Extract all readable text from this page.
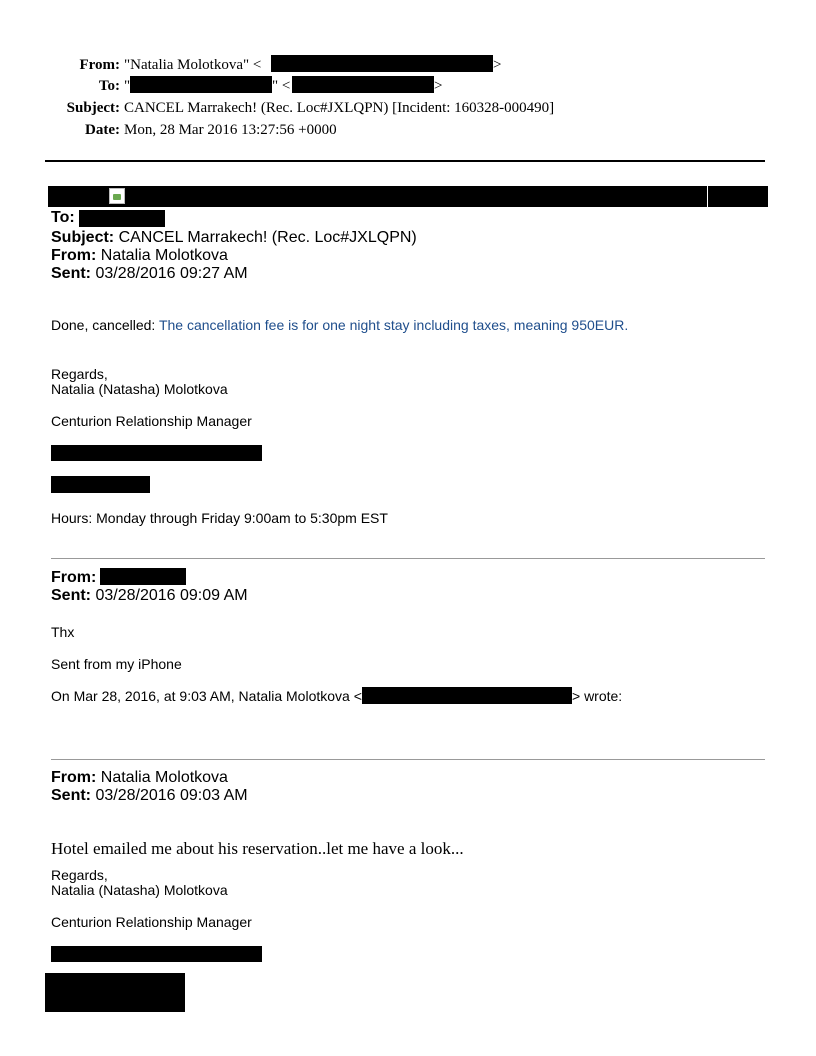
From: "Natalia Molotkova" <	>
To: "	" <	>
Subject: CANCEL Marrakech! (Rec. Loc#JXLQPN) [Incident: 160328-000490]
Date: Mon, 28 Mar 2016 13:27:56 +0000
To:
Subject: CANCEL Marrakech! (Rec. Loc#JXLQPN)
From: Natalia Molotkova
Sent: 03/28/2016 09:27 AM
Done, cancelled: The cancellation fee is for one night stay including taxes, meaning 950EUR.
Regards,
Natalia (Natasha) Molotkova
Centurion Relationship Manager
Hours: Monday through Friday 9:00am to 5:30pm EST
From:
Sent: 03/28/2016 09:09 AM
Thx
Sent from my iPhone
On Mar 28, 2016, at 9:03 AM, Natalia Molotkova <	> wrote:
From: Natalia Molotkova
Sent: 03/28/2016 09:03 AM
Hotel emailed me about his reservation..let me have a look...
Regards,
Natalia (Natasha) Molotkova
Centurion Relationship Manager
